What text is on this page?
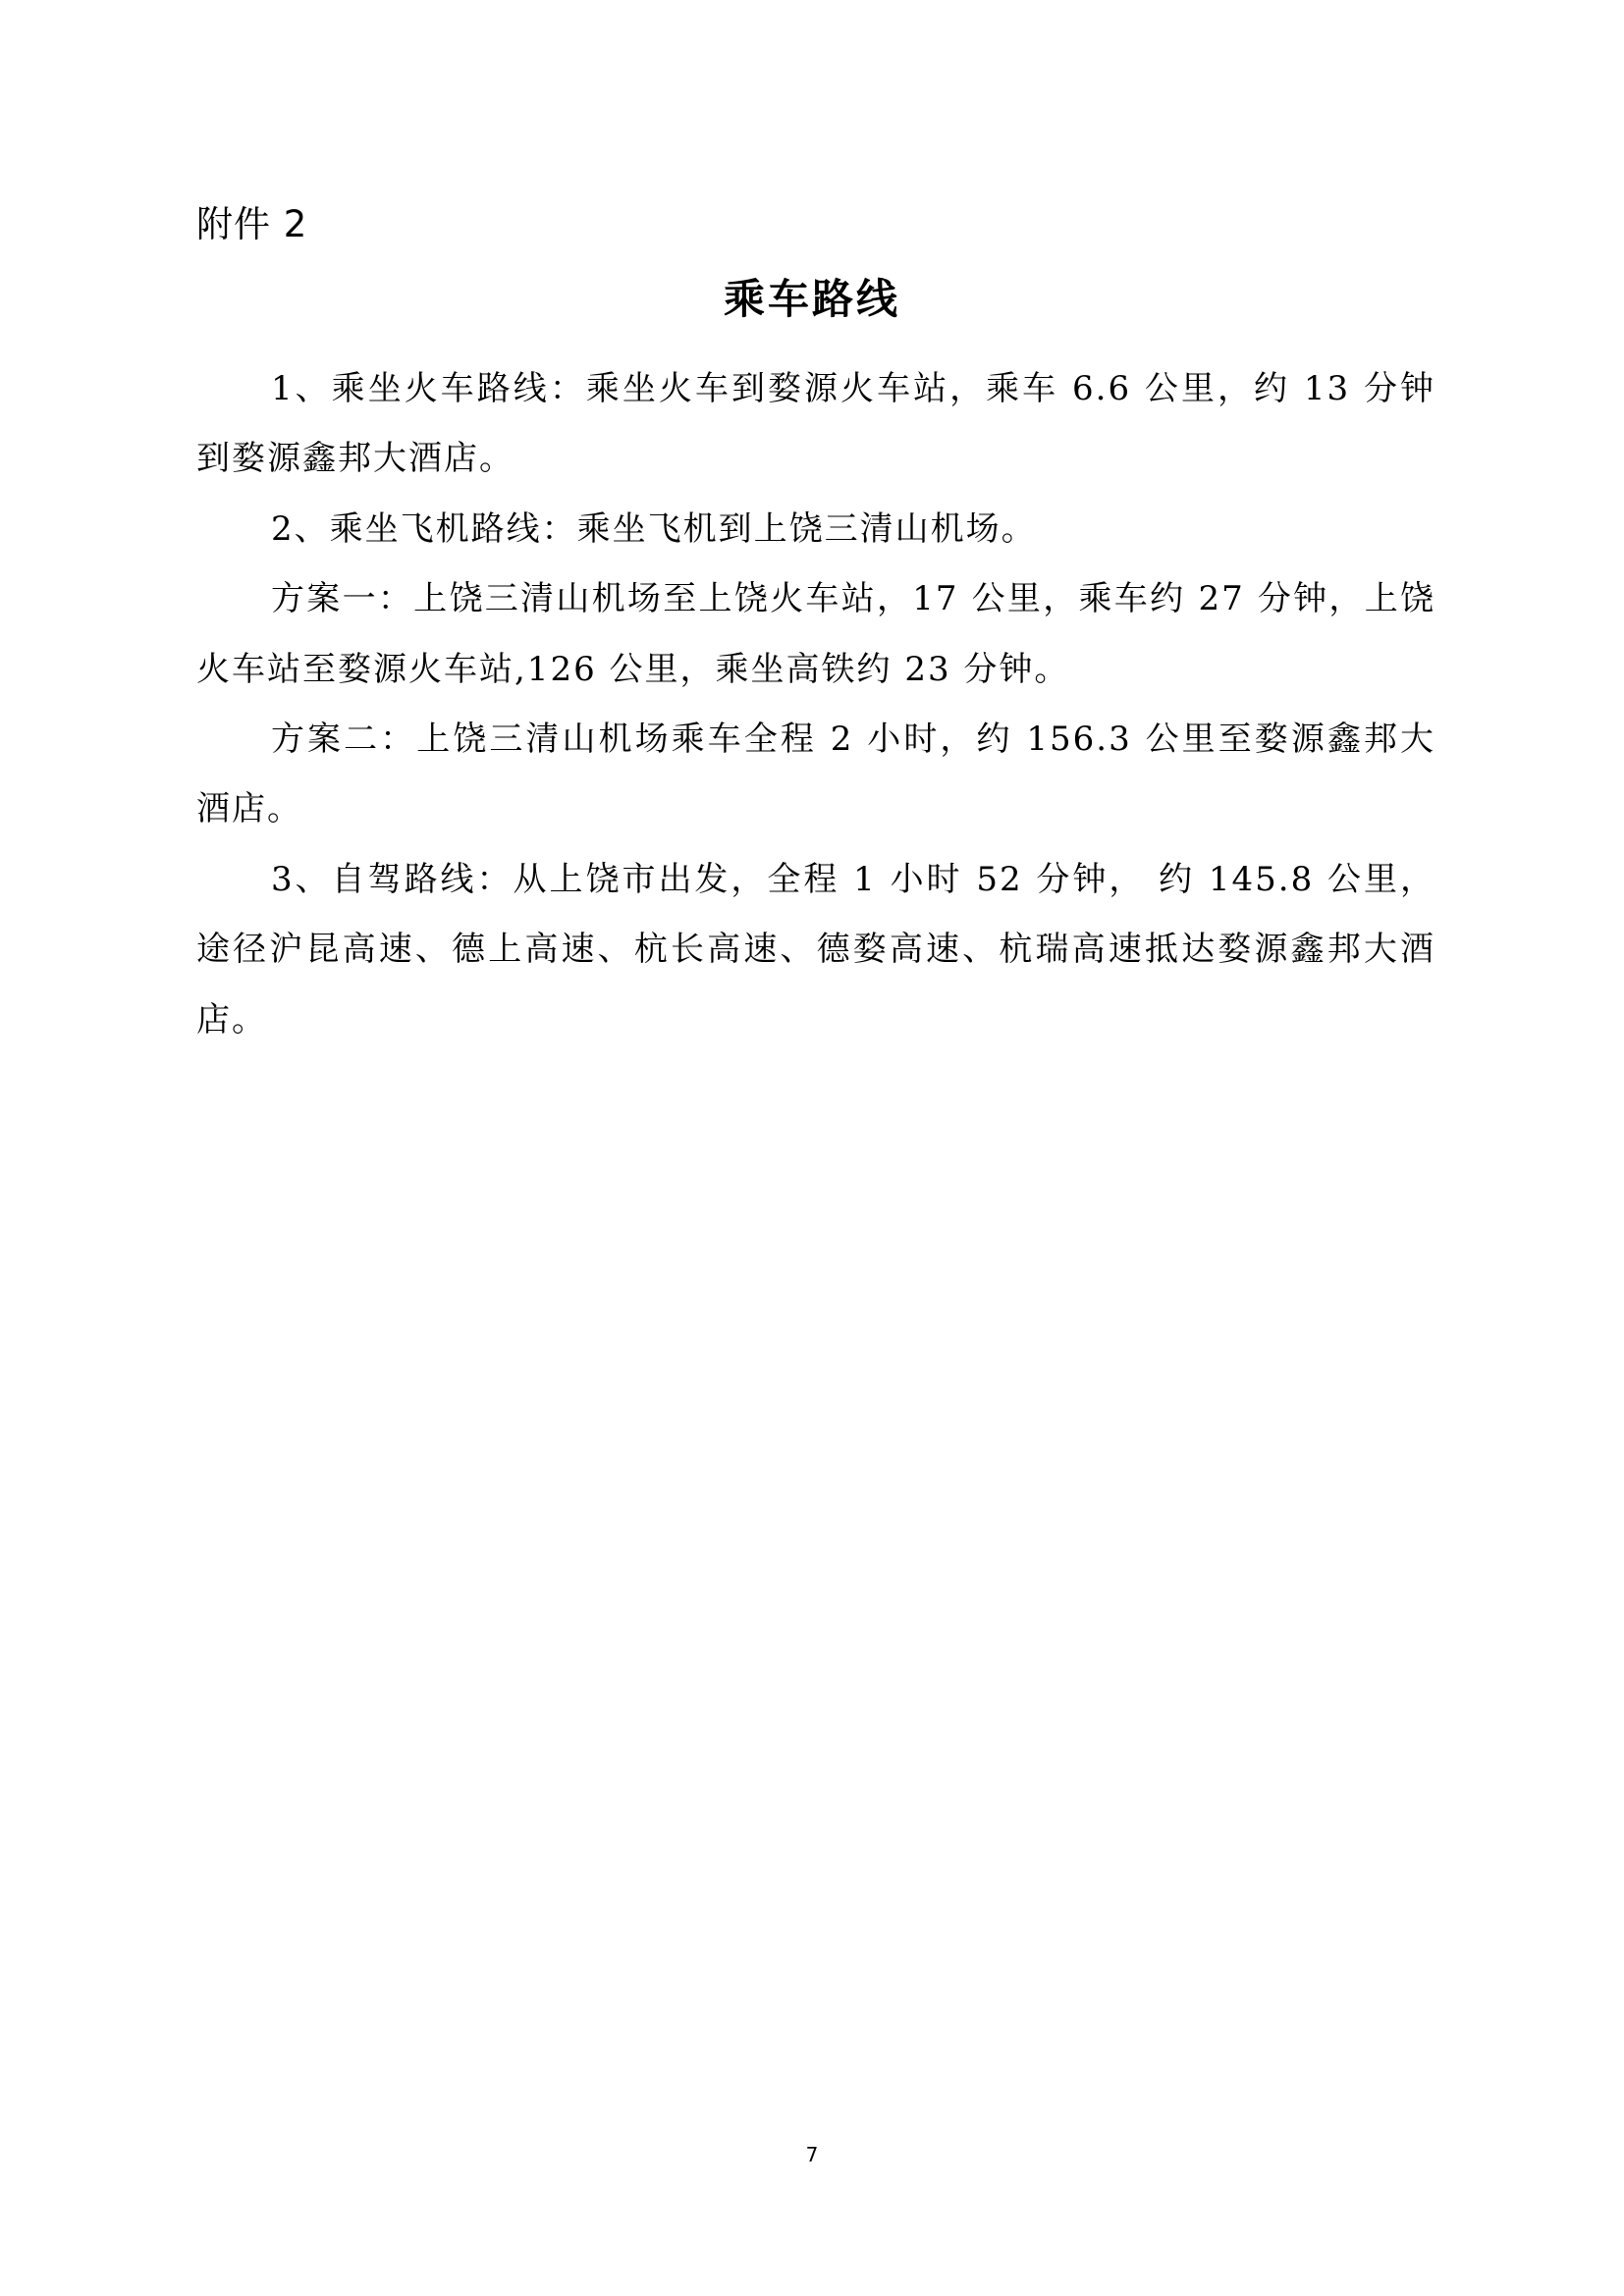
附件 2
乘车路线

1、乘坐火车路线：乘坐火车到婺源火车站，乘车 6.6 公里，约 13 分钟到婺源鑫邦大酒店。

2、乘坐飞机路线：乘坐飞机到上饶三清山机场。

方案一：上饶三清山机场至上饶火车站，17 公里，乘车约 27 分钟，上饶火车站至婺源火车站,126 公里，乘坐高铁约 23 分钟。

方案二：上饶三清山机场乘车全程 2 小时，约 156.3 公里至婺源鑫邦大酒店。

3、自驾路线：从上饶市出发，全程 1 小时 52 分钟， 约 145.8 公里，途径沪昆高速、德上高速、杭长高速、德婺高速、杭瑞高速抵达婺源鑫邦大酒店。

7
